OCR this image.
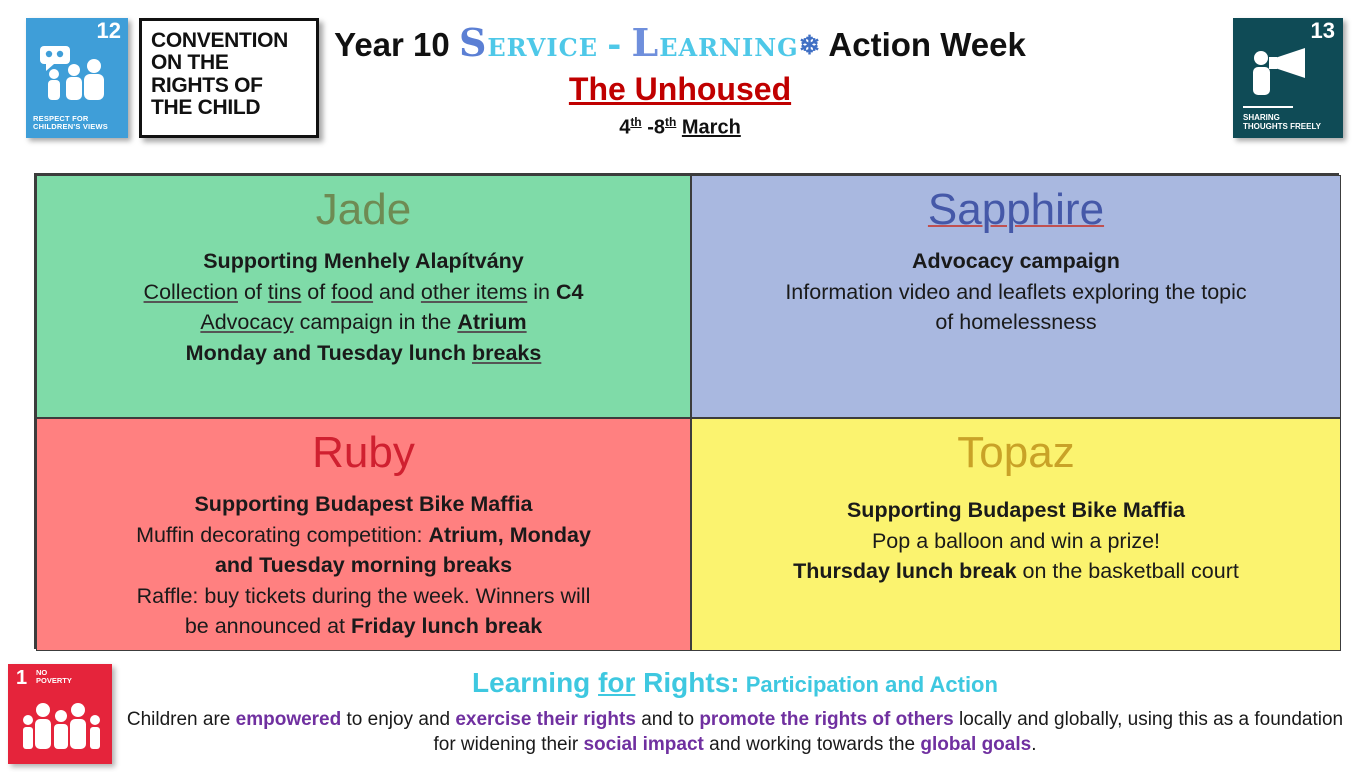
12
RESPECT FOR
CHILDREN'S VIEWS
CONVENTION
ON THE
RIGHTS OF
THE CHILD
13
SHARING
THOUGHTS FREELY
Year 10 Service - Learning❄ Action Week
The Unhoused
4th -8th March
Jade
Supporting Menhely Alapítvány
Collection of tins of food and other items in C4
Advocacy campaign in the Atrium
Monday and Tuesday lunch breaks
Sapphire
Advocacy campaign
Information video and leaflets exploring the topic
of homelessness
Ruby
Supporting Budapest Bike Maffia
Muffin decorating competition: Atrium, Monday
and Tuesday morning breaks
Raffle: buy tickets during the week. Winners will
be announced at Friday lunch break
Topaz
Supporting Budapest Bike Maffia
Pop a balloon and win a prize!
Thursday lunch break on the basketball court
1 NO
POVERTY	Learning for Rights: Participation and Action
Children are empowered to enjoy and exercise their rights and to promote the rights of others locally and globally, using this as a foundation for widening their social impact and working towards the global goals.
